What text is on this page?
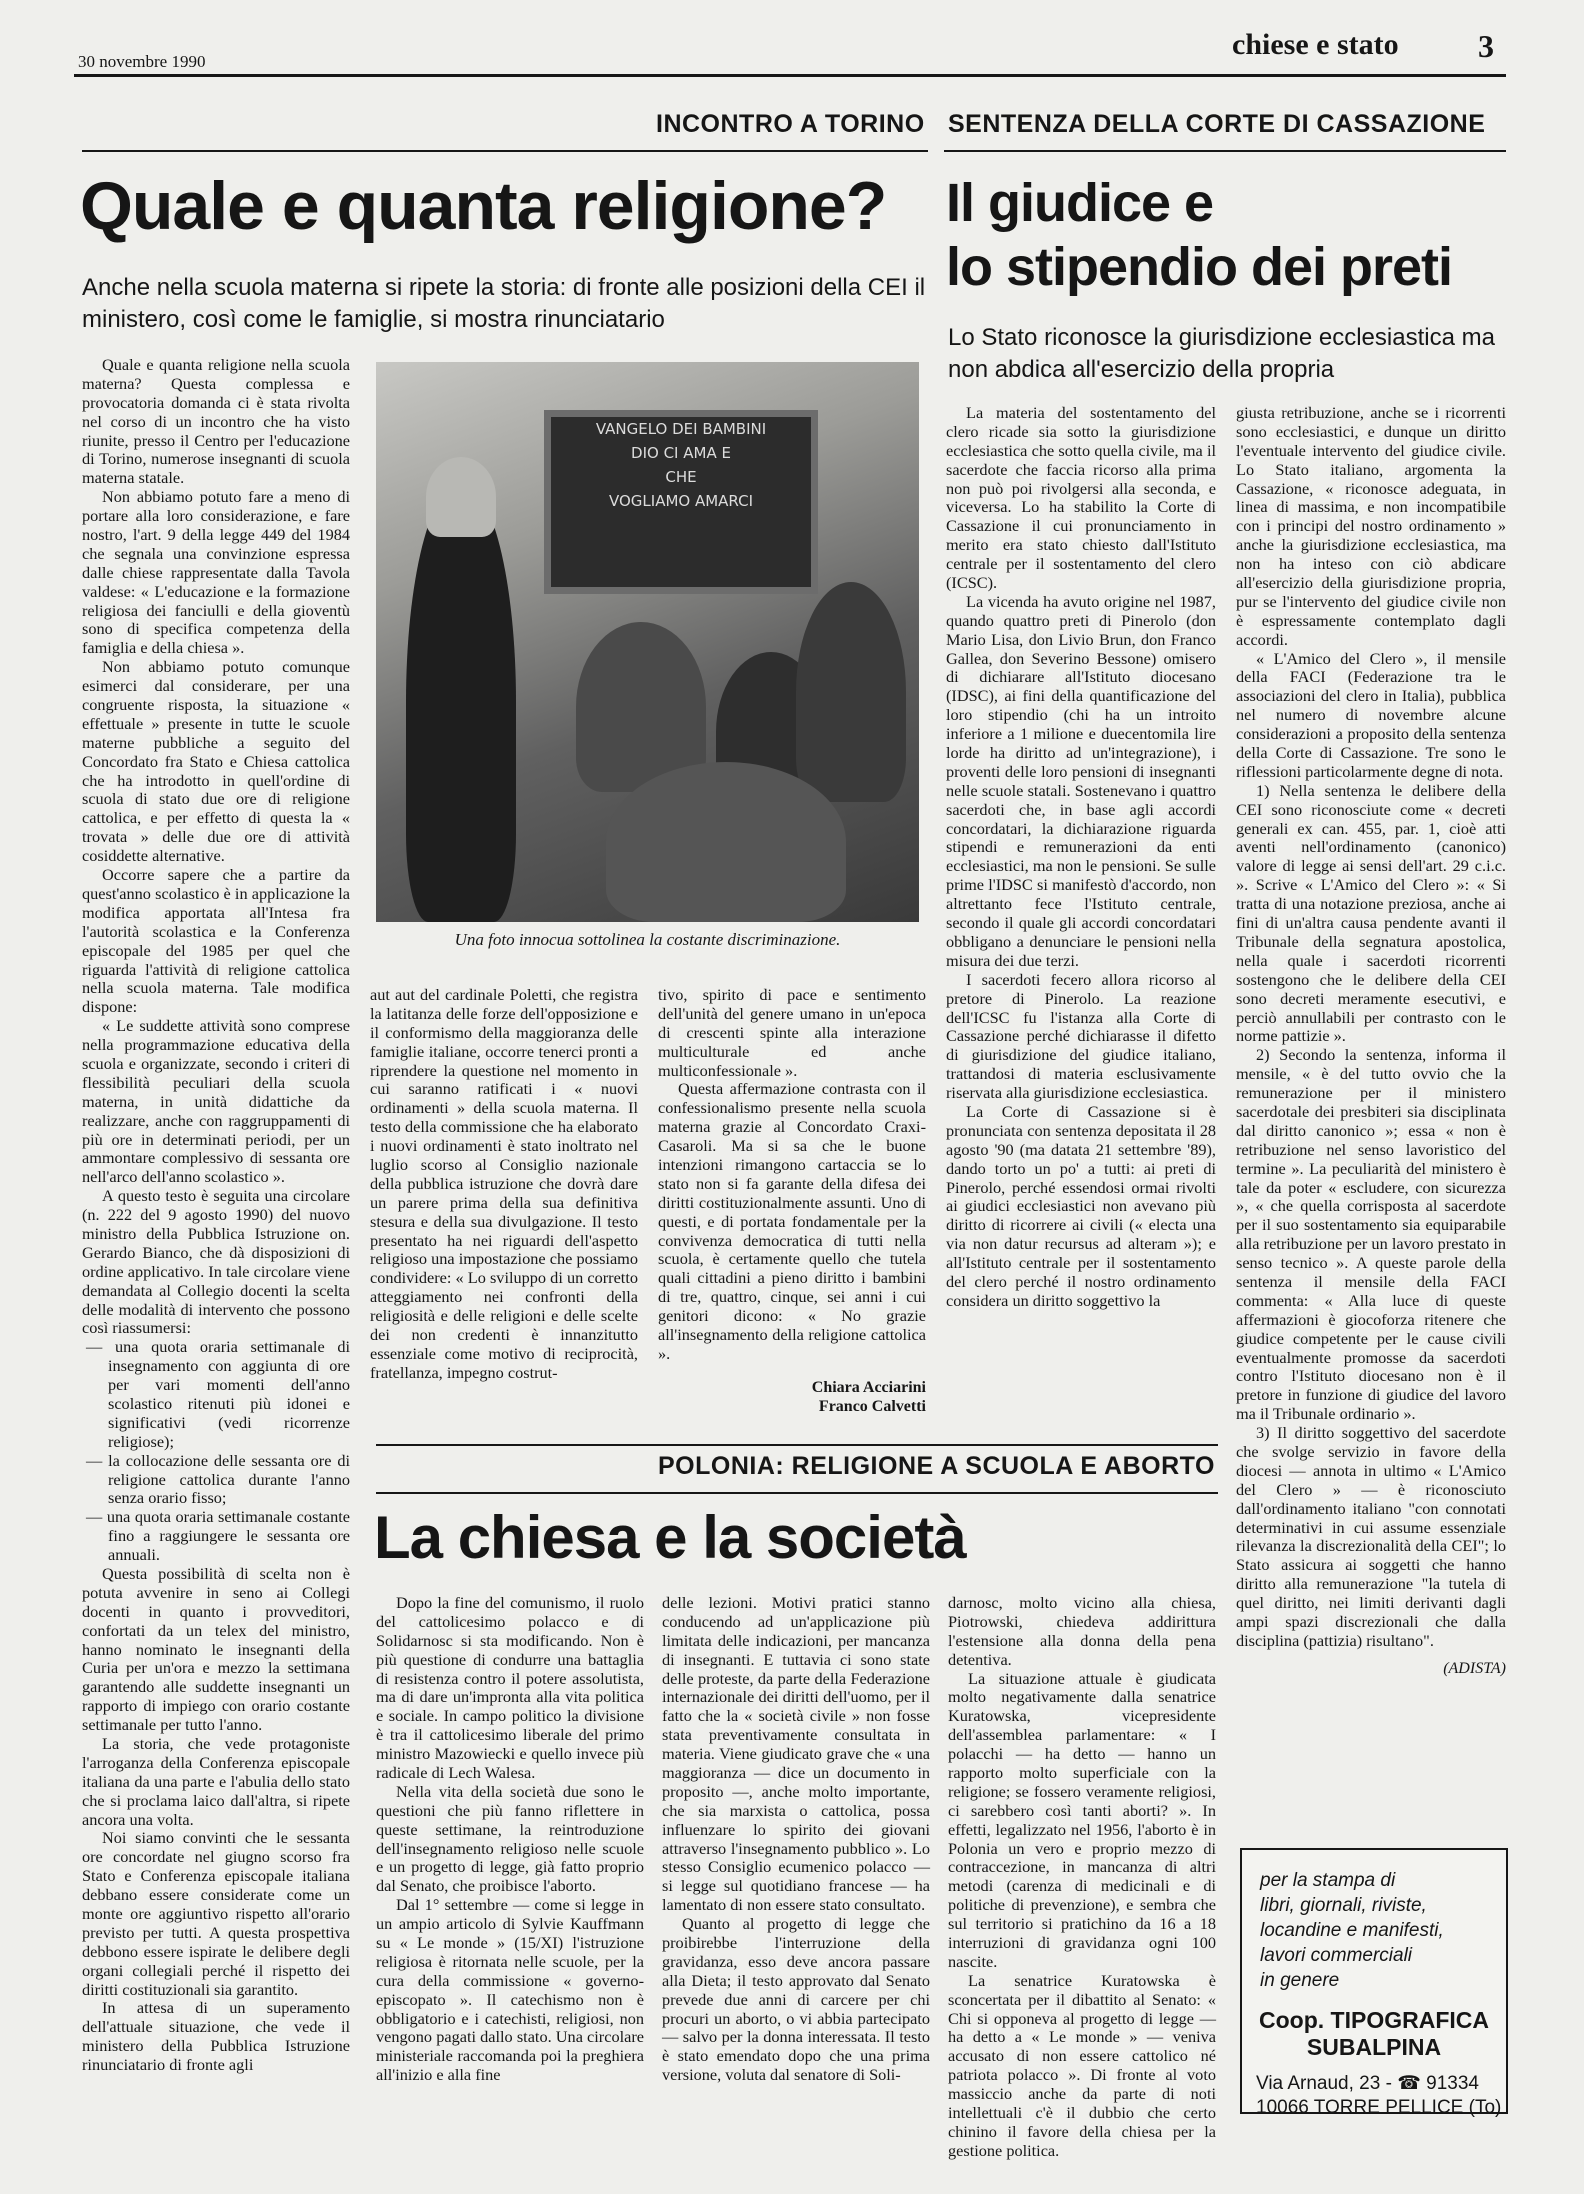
30 novembre 1990
chiese e stato 3
INCONTRO A TORINO
Quale e quanta religione?
Anche nella scuola materna si ripete la storia: di fronte alle posizioni della CEI il ministero, così come le famiglie, si mostra rinunciatario

Quale e quanta religione nella scuola materna? Questa complessa e provocatoria domanda ci è stata rivolta nel corso di un incontro che ha visto riunite, presso il Centro per l'educazione di Torino, numerose insegnanti di scuola materna statale.

Non abbiamo potuto fare a meno di portare alla loro considerazione, e fare nostro, l'art. 9 della legge 449 del 1984 che segnala una convinzione espressa dalle chiese rappresentate dalla Tavola valdese: « L'educazione e la formazione religiosa dei fanciulli e della gioventù sono di specifica competenza della famiglia e della chiesa ».

Non abbiamo potuto comunque esimerci dal considerare, per una congruente risposta, la situazione « effettuale » presente in tutte le scuole materne pubbliche a seguito del Concordato fra Stato e Chiesa cattolica che ha introdotto in quell'ordine di scuola di stato due ore di religione cattolica, e per effetto di questa la « trovata » delle due ore di attività cosiddette alternative.

Occorre sapere che a partire da quest'anno scolastico è in applicazione la modifica apportata all'Intesa fra l'autorità scolastica e la Conferenza episcopale del 1985 per quel che riguarda l'attività di religione cattolica nella scuola materna. Tale modifica dispone:

« Le suddette attività sono comprese nella programmazione educativa della scuola e organizzate, secondo i criteri di flessibilità peculiari della scuola materna, in unità didattiche da realizzare, anche con raggruppamenti di più ore in determinati periodi, per un ammontare complessivo di sessanta ore nell'arco dell'anno scolastico ».

A questo testo è seguita una circolare (n. 222 del 9 agosto 1990) del nuovo ministro della Pubblica Istruzione on. Gerardo Bianco, che dà disposizioni di ordine applicativo. In tale circolare viene demandata al Collegio docenti la scelta delle modalità di intervento che possono così riassumersi:

— una quota oraria settimanale di insegnamento con aggiunta di ore per vari momenti dell'anno scolastico ritenuti più idonei e significativi (vedi ricorrenze religiose);
— la collocazione delle sessanta ore di religione cattolica durante l'anno senza orario fisso;
— una quota oraria settimanale costante fino a raggiungere le sessanta ore annuali.

Questa possibilità di scelta non è potuta avvenire in seno ai Collegi docenti in quanto i provveditori, confortati da un telex del ministro, hanno nominato le insegnanti della Curia per un'ora e mezzo la settimana garantendo alle suddette insegnanti un rapporto di impiego con orario costante settimanale per tutto l'anno.

La storia, che vede protagoniste l'arroganza della Conferenza episcopale italiana da una parte e l'abulia dello stato che si proclama laico dall'altra, si ripete ancora una volta.

Noi siamo convinti che le sessanta ore concordate nel giugno scorso fra Stato e Conferenza episcopale italiana debbano essere considerate come un monte ore aggiuntivo rispetto all'orario previsto per tutti. A questa prospettiva debbono essere ispirate le delibere degli organi collegiali perché il rispetto dei diritti costituzionali sia garantito.

In attesa di un superamento dell'attuale situazione, che vede il ministero della Pubblica Istruzione rinunciatario di fronte agli

VANGELO DEI BAMBINI
DIO CI AMA E
CHE
VOGLIAMO AMARCI
Una foto innocua sottolinea la costante discriminazione.

aut aut del cardinale Poletti, che registra la latitanza delle forze dell'opposizione e il conformismo della maggioranza delle famiglie italiane, occorre tenerci pronti a riprendere la questione nel momento in cui saranno ratificati i « nuovi ordinamenti » della scuola materna. Il testo della commissione che ha elaborato i nuovi ordinamenti è stato inoltrato nel luglio scorso al Consiglio nazionale della pubblica istruzione che dovrà dare un parere prima della sua definitiva stesura e della sua divulgazione. Il testo presentato ha nei riguardi dell'aspetto religioso una impostazione che possiamo condividere: « Lo sviluppo di un corretto atteggiamento nei confronti della religiosità e delle religioni e delle scelte dei non credenti è innanzitutto essenziale come motivo di reciprocità, fratellanza, impegno costrut-

tivo, spirito di pace e sentimento dell'unità del genere umano in un'epoca di crescenti spinte alla interazione multiculturale ed anche multiconfessionale ».

Questa affermazione contrasta con il confessionalismo presente nella scuola materna grazie al Concordato Craxi-Casaroli. Ma si sa che le buone intenzioni rimangono cartaccia se lo stato non si fa garante della difesa dei diritti costituzionalmente assunti. Uno di questi, e di portata fondamentale per la convivenza democratica di tutti nella scuola, è certamente quello che tutela quali cittadini a pieno diritto i bambini di tre, quattro, cinque, sei anni i cui genitori dicono: « No grazie all'insegnamento della religione cattolica ».

Chiara Acciarini
Franco Calvetti
SENTENZA DELLA CORTE DI CASSAZIONE
Il giudice e
lo stipendio dei preti
Lo Stato riconosce la giurisdizione ecclesiastica ma non abdica all'esercizio della propria

La materia del sostentamento del clero ricade sia sotto la giurisdizione ecclesiastica che sotto quella civile, ma il sacerdote che faccia ricorso alla prima non può poi rivolgersi alla seconda, e viceversa. Lo ha stabilito la Corte di Cassazione il cui pronunciamento in merito era stato chiesto dall'Istituto centrale per il sostentamento del clero (ICSC).

La vicenda ha avuto origine nel 1987, quando quattro preti di Pinerolo (don Mario Lisa, don Livio Brun, don Franco Gallea, don Severino Bessone) omisero di dichiarare all'Istituto diocesano (IDSC), ai fini della quantificazione del loro stipendio (chi ha un introito inferiore a 1 milione e duecentomila lire lorde ha diritto ad un'integrazione), i proventi delle loro pensioni di insegnanti nelle scuole statali. Sostenevano i quattro sacerdoti che, in base agli accordi concordatari, la dichiarazione riguarda stipendi e remunerazioni da enti ecclesiastici, ma non le pensioni. Se sulle prime l'IDSC si manifestò d'accordo, non altrettanto fece l'Istituto centrale, secondo il quale gli accordi concordatari obbligano a denunciare le pensioni nella misura dei due terzi.

I sacerdoti fecero allora ricorso al pretore di Pinerolo. La reazione dell'ICSC fu l'istanza alla Corte di Cassazione perché dichiarasse il difetto di giurisdizione del giudice italiano, trattandosi di materia esclusivamente riservata alla giurisdizione ecclesiastica.

La Corte di Cassazione si è pronunciata con sentenza depositata il 28 agosto '90 (ma datata 21 settembre '89), dando torto un po' a tutti: ai preti di Pinerolo, perché essendosi ormai rivolti ai giudici ecclesiastici non avevano più diritto di ricorrere ai civili (« electa una via non datur recursus ad alteram »); e all'Istituto centrale per il sostentamento del clero perché il nostro ordinamento considera un diritto soggettivo la

giusta retribuzione, anche se i ricorrenti sono ecclesiastici, e dunque un diritto l'eventuale intervento del giudice civile. Lo Stato italiano, argomenta la Cassazione, « riconosce adeguata, in linea di massima, e non incompatibile con i principi del nostro ordinamento » anche la giurisdizione ecclesiastica, ma non ha inteso con ciò abdicare all'esercizio della giurisdizione propria, pur se l'intervento del giudice civile non è espressamente contemplato dagli accordi.

« L'Amico del Clero », il mensile della FACI (Federazione tra le associazioni del clero in Italia), pubblica nel numero di novembre alcune considerazioni a proposito della sentenza della Corte di Cassazione. Tre sono le riflessioni particolarmente degne di nota.

1) Nella sentenza le delibere della CEI sono riconosciute come « decreti generali ex can. 455, par. 1, cioè atti aventi nell'ordinamento (canonico) valore di legge ai sensi dell'art. 29 c.i.c. ». Scrive « L'Amico del Clero »: « Si tratta di una notazione preziosa, anche ai fini di un'altra causa pendente avanti il Tribunale della segnatura apostolica, nella quale i sacerdoti ricorrenti sostengono che le delibere della CEI sono decreti meramente esecutivi, e perciò annullabili per contrasto con le norme pattizie ».

2) Secondo la sentenza, informa il mensile, « è del tutto ovvio che la remunerazione per il ministero sacerdotale dei presbiteri sia disciplinata dal diritto canonico »; essa « non è retribuzione nel senso lavoristico del termine ». La peculiarità del ministero è tale da poter « escludere, con sicurezza », « che quella corrisposta al sacerdote per il suo sostentamento sia equiparabile alla retribuzione per un lavoro prestato in senso tecnico ». A queste parole della sentenza il mensile della FACI commenta: « Alla luce di queste affermazioni è giocoforza ritenere che giudice competente per le cause civili eventualmente promosse da sacerdoti contro l'Istituto diocesano non è il pretore in funzione di giudice del lavoro ma il Tribunale ordinario ».

3) Il diritto soggettivo del sacerdote che svolge servizio in favore della diocesi — annota in ultimo « L'Amico del Clero » — è riconosciuto dall'ordinamento italiano "con connotati determinativi in cui assume essenziale rilevanza la discrezionalità della CEI"; lo Stato assicura ai soggetti che hanno diritto alla remunerazione "la tutela di quel diritto, nei limiti derivanti dagli ampi spazi discrezionali che dalla disciplina (pattizia) risultano".

(ADISTA)
POLONIA: RELIGIONE A SCUOLA E ABORTO
La chiesa e la società

Dopo la fine del comunismo, il ruolo del cattolicesimo polacco e di Solidarnosc si sta modificando. Non è più questione di condurre una battaglia di resistenza contro il potere assolutista, ma di dare un'impronta alla vita politica e sociale. In campo politico la divisione è tra il cattolicesimo liberale del primo ministro Mazowiecki e quello invece più radicale di Lech Walesa.

Nella vita della società due sono le questioni che più fanno riflettere in queste settimane, la reintroduzione dell'insegnamento religioso nelle scuole e un progetto di legge, già fatto proprio dal Senato, che proibisce l'aborto.

Dal 1° settembre — come si legge in un ampio articolo di Sylvie Kauffmann su « Le monde » (15/XI) l'istruzione religiosa è ritornata nelle scuole, per la cura della commissione « governo-episcopato ». Il catechismo non è obbligatorio e i catechisti, religiosi, non vengono pagati dallo stato. Una circolare ministeriale raccomanda poi la preghiera all'inizio e alla fine

delle lezioni. Motivi pratici stanno conducendo ad un'applicazione più limitata delle indicazioni, per mancanza di insegnanti. E tuttavia ci sono state delle proteste, da parte della Federazione internazionale dei diritti dell'uomo, per il fatto che la « società civile » non fosse stata preventivamente consultata in materia. Viene giudicato grave che « una maggioranza — dice un documento in proposito —, anche molto importante, che sia marxista o cattolica, possa influenzare lo spirito dei giovani attraverso l'insegnamento pubblico ». Lo stesso Consiglio ecumenico polacco — si legge sul quotidiano francese — ha lamentato di non essere stato consultato.

Quanto al progetto di legge che proibirebbe l'interruzione della gravidanza, esso deve ancora passare alla Dieta; il testo approvato dal Senato prevede due anni di carcere per chi procuri un aborto, o vi abbia partecipato — salvo per la donna interessata. Il testo è stato emendato dopo che una prima versione, voluta dal senatore di Soli-

darnosc, molto vicino alla chiesa, Piotrowski, chiedeva addirittura l'estensione alla donna della pena detentiva.

La situazione attuale è giudicata molto negativamente dalla senatrice Kuratowska, vicepresidente dell'assemblea parlamentare: « I polacchi — ha detto — hanno un rapporto molto superficiale con la religione; se fossero veramente religiosi, ci sarebbero così tanti aborti? ». In effetti, legalizzato nel 1956, l'aborto è in Polonia un vero e proprio mezzo di contraccezione, in mancanza di altri metodi (carenza di medicinali e di politiche di prevenzione), e sembra che sul territorio si pratichino da 16 a 18 interruzioni di gravidanza ogni 100 nascite.

La senatrice Kuratowska è sconcertata per il dibattito al Senato: « Chi si opponeva al progetto di legge — ha detto a « Le monde » — veniva accusato di non essere cattolico né patriota polacco ». Di fronte al voto massiccio anche da parte di noti intellettuali c'è il dubbio che certo chinino il favore della chiesa per la gestione politica.

per la stampa di
libri, giornali, riviste,
locandine e manifesti,
lavori commerciali
in genere
Coop. TIPOGRAFICA
SUBALPINA
Via Arnaud, 23 - ☎ 91334
10066 TORRE PELLICE (To)
